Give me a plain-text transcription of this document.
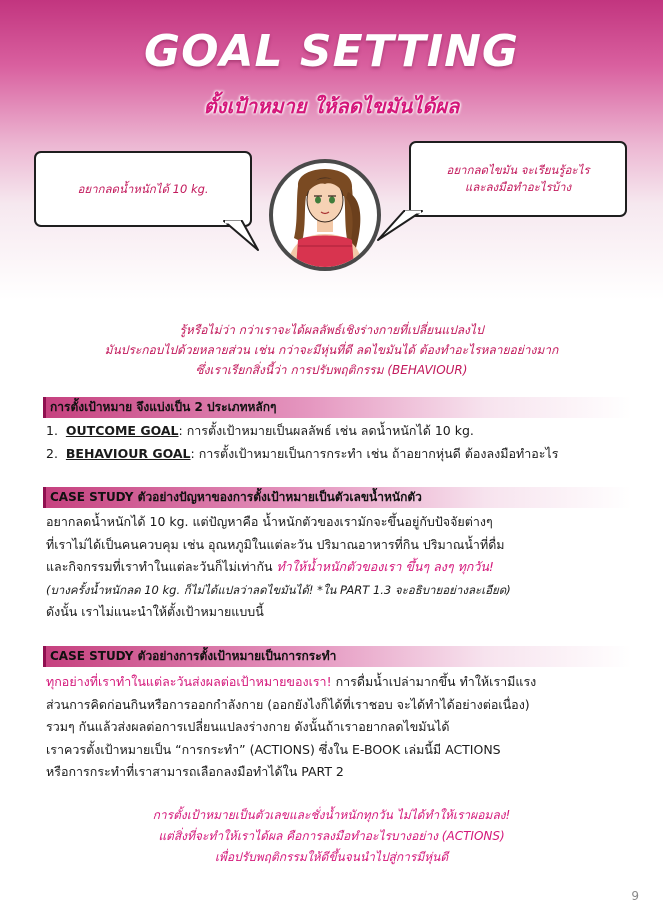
GOAL SETTING
ตั้งเป้าหมาย ให้ลดไขมันได้ผล
อยากลดน้ำหนักได้ 10 kg.
อยากลดไขมัน จะเรียนรู้อะไร
และลงมือทำอะไรบ้าง
รู้หรือไม่ว่า กว่าเราจะได้ผลลัพธ์เชิงร่างกายที่เปลี่ยนแปลงไป
มันประกอบไปด้วยหลายส่วน เช่น กว่าจะมีหุ่นที่ดี ลดไขมันได้ ต้องทำอะไรหลายอย่างมาก
ซึ่งเราเรียกสิ่งนี้ว่า การปรับพฤติกรรม (BEHAVIOUR)
การตั้งเป้าหมาย จึงแบ่งเป็น 2 ประเภทหลักๆ
1. OUTCOME GOAL: การตั้งเป้าหมายเป็นผลลัพธ์ เช่น ลดน้ำหนักได้ 10 kg.
2. BEHAVIOUR GOAL: การตั้งเป้าหมายเป็นการกระทำ เช่น ถ้าอยากหุ่นดี ต้องลงมือทำอะไร
CASE STUDY ตัวอย่างปัญหาของการตั้งเป้าหมายเป็นตัวเลขน้ำหนักตัว
อยากลดน้ำหนักได้ 10 kg. แต่ปัญหาคือ น้ำหนักตัวของเรามักจะขึ้นอยู่กับปัจจัยต่างๆ
ที่เราไม่ได้เป็นคนควบคุม เช่น อุณหภูมิในแต่ละวัน ปริมาณอาหารที่กิน ปริมาณน้ำที่ดื่ม
และกิจกรรมที่เราทำในแต่ละวันก็ไม่เท่ากัน ทำให้น้ำหนักตัวของเรา ขึ้นๆ ลงๆ ทุกวัน!
(บางครั้งน้ำหนักลด 10 kg. ก็ไม่ได้แปลว่าลดไขมันได้! *ใน PART 1.3 จะอธิบายอย่างละเอียด)
ดังนั้น เราไม่แนะนำให้ตั้งเป้าหมายแบบนี้
CASE STUDY ตัวอย่างการตั้งเป้าหมายเป็นการกระทำ
ทุกอย่างที่เราทำในแต่ละวันส่งผลต่อเป้าหมายของเรา! การดื่มน้ำเปล่ามากขึ้น ทำให้เรามีแรง
ส่วนการคิดก่อนกินหรือการออกกำลังกาย (ออกยังไงก็ได้ที่เราชอบ จะได้ทำได้อย่างต่อเนื่อง)
รวมๆ กันแล้วส่งผลต่อการเปลี่ยนแปลงร่างกาย ดังนั้นถ้าเราอยากลดไขมันได้
เราควรตั้งเป้าหมายเป็น “การกระทำ” (ACTIONS) ซึ่งใน E-BOOK เล่มนี้มี ACTIONS
หรือการกระทำที่เราสามารถเลือกลงมือทำได้ใน PART 2
การตั้งเป้าหมายเป็นตัวเลขและชั่งน้ำหนักทุกวัน ไม่ได้ทำให้เราผอมลง!
แต่สิ่งที่จะทำให้เราได้ผล คือการลงมือทำอะไรบางอย่าง (ACTIONS)
เพื่อปรับพฤติกรรมให้ดีขึ้นจนนำไปสู่การมีหุ่นดี
9
